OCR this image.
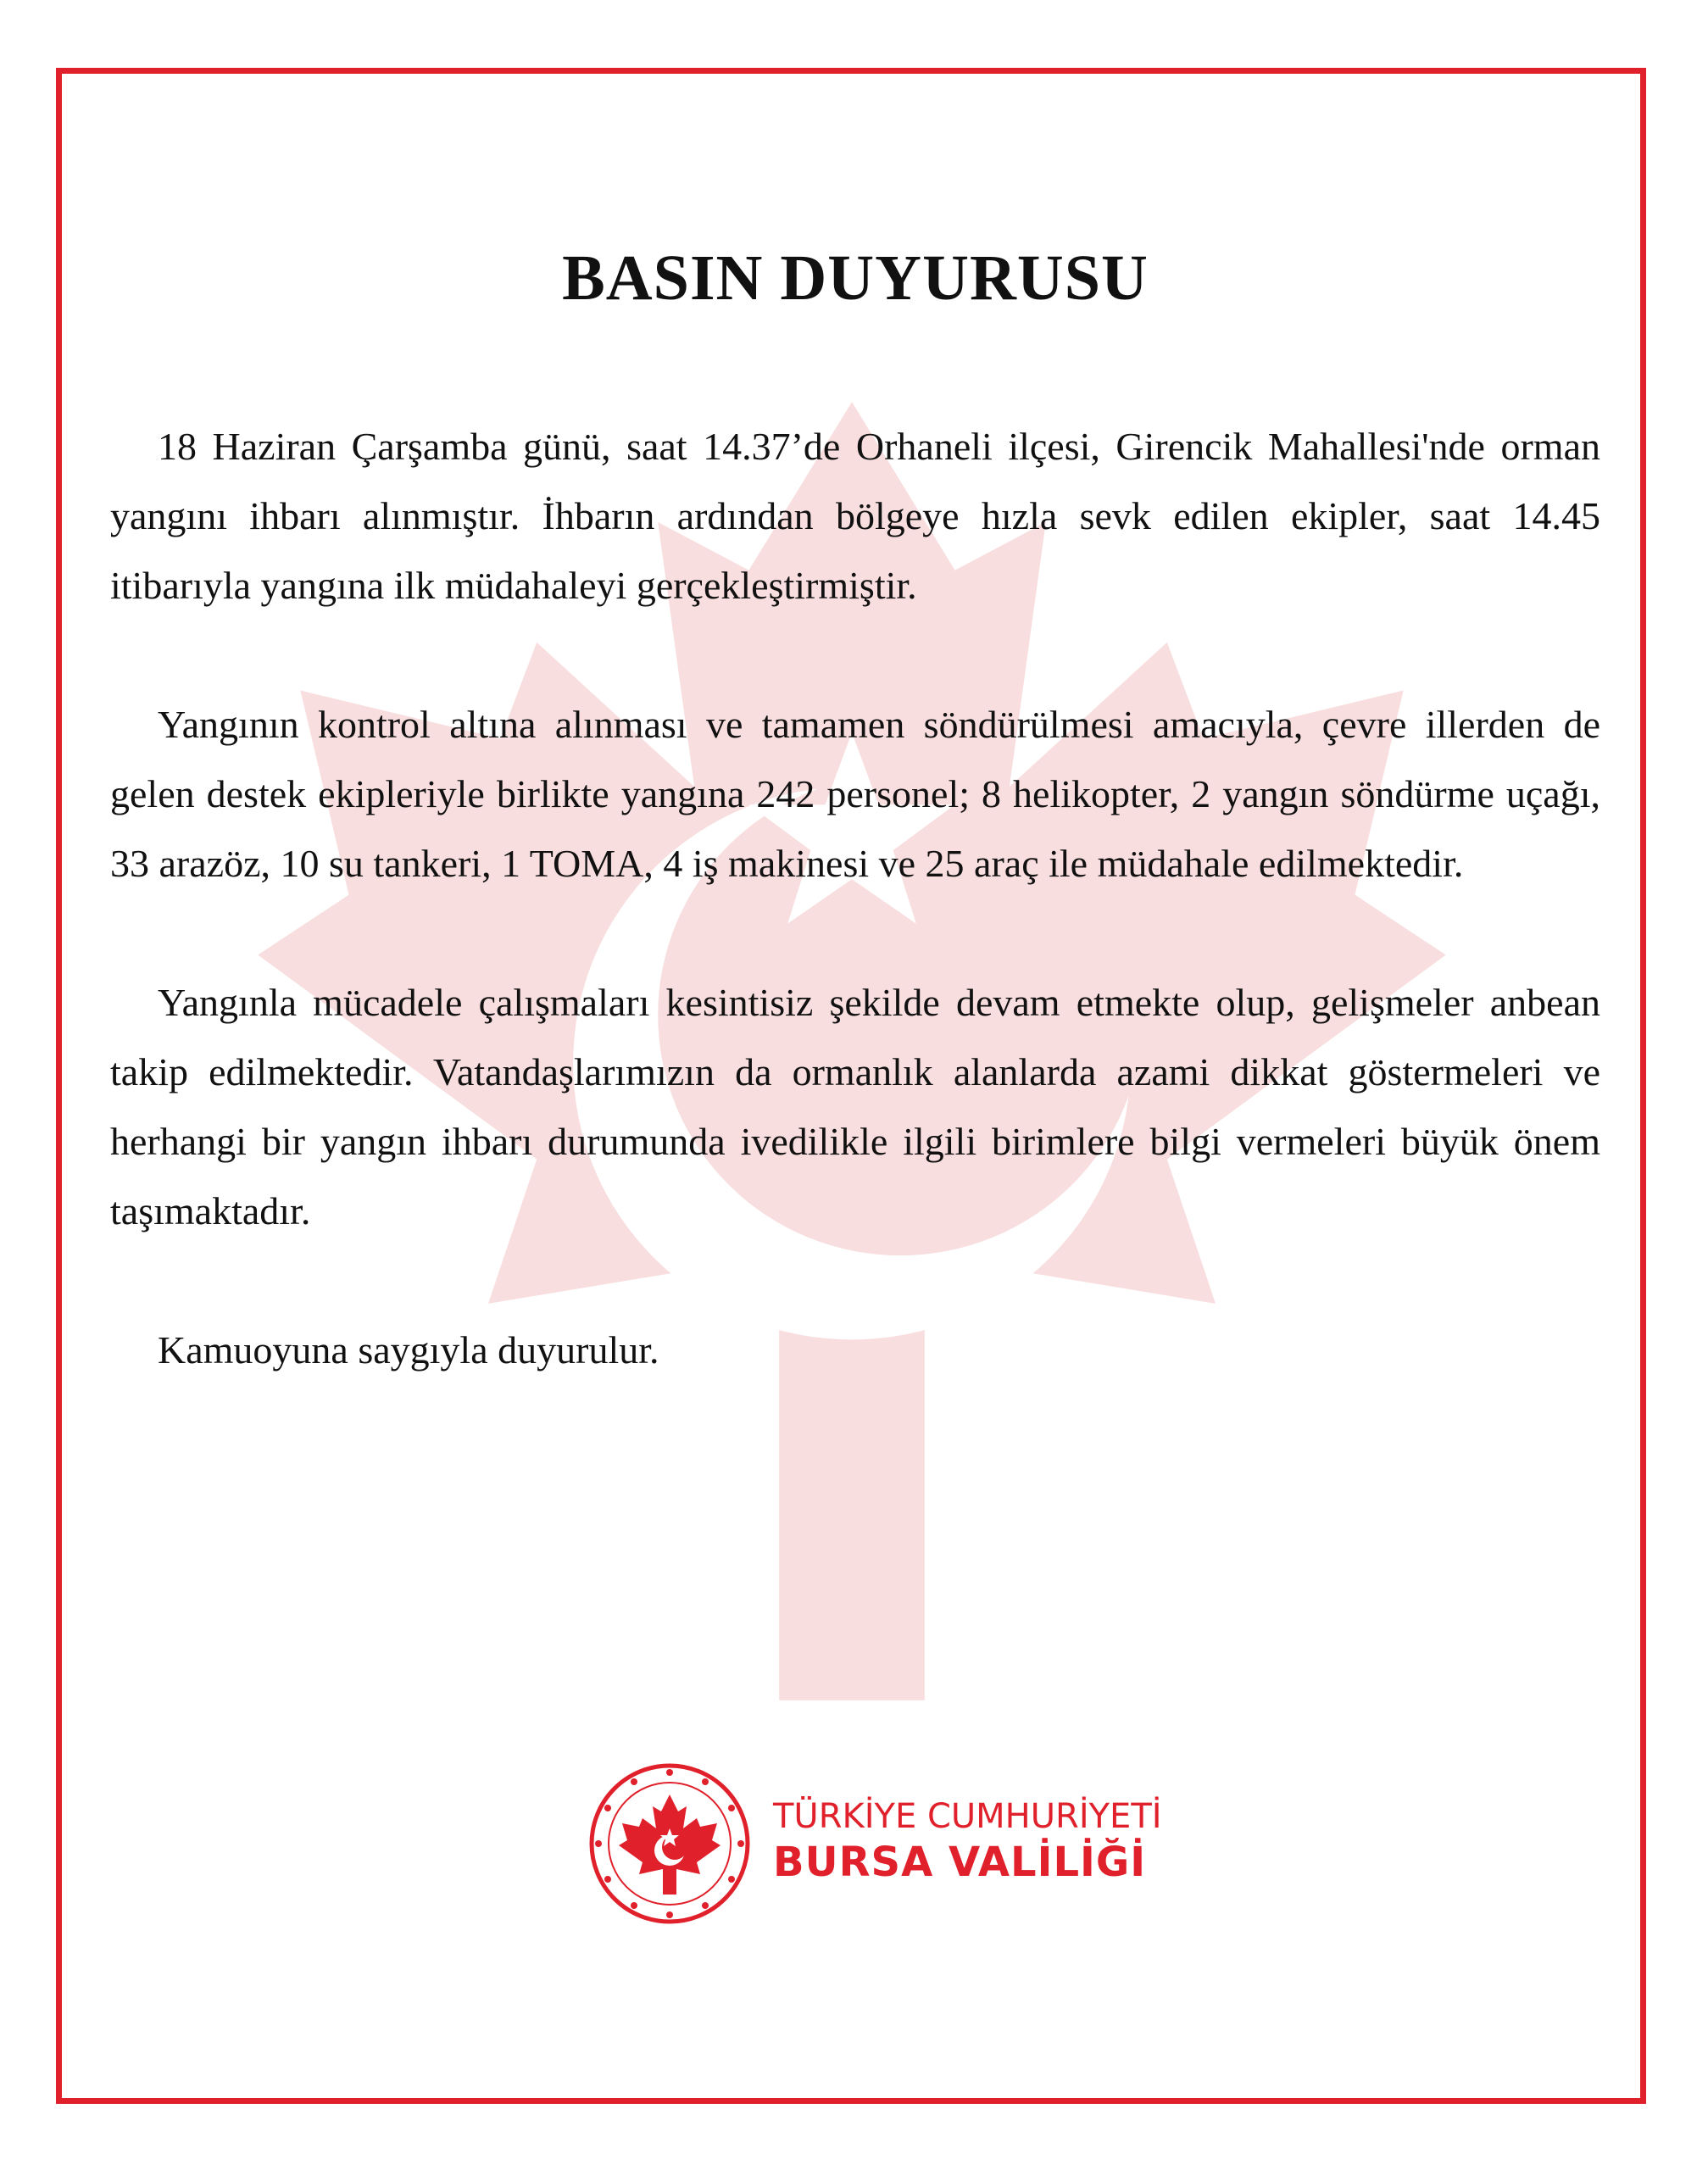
BASIN DUYURUSU

18 Haziran Çarşamba günü, saat 14.37’de Orhaneli ilçesi, Girencik Mahallesi'nde orman yangını ihbarı alınmıştır. İhbarın ardından bölgeye hızla sevk edilen ekipler, saat 14.45 itibarıyla yangına ilk müdahaleyi gerçekleştirmiştir.

Yangının kontrol altına alınması ve tamamen söndürülmesi amacıyla, çevre illerden de gelen destek ekipleriyle birlikte yangına 242 personel; 8 helikopter, 2 yangın söndürme uçağı, 33 arazöz, 10 su tankeri, 1 TOMA, 4 iş makinesi ve 25 araç ile müdahale edilmektedir.

Yangınla mücadele çalışmaları kesintisiz şekilde devam etmekte olup, gelişmeler anbean takip edilmektedir. Vatandaşlarımızın da ormanlık alanlarda azami dikkat göstermeleri ve herhangi bir yangın ihbarı durumunda ivedilikle ilgili birimlere bilgi vermeleri büyük önem taşımaktadır.

Kamuoyuna saygıyla duyurulur.

TÜRKİYE CUMHURİYETİ
BURSA VALİLİĞİ
